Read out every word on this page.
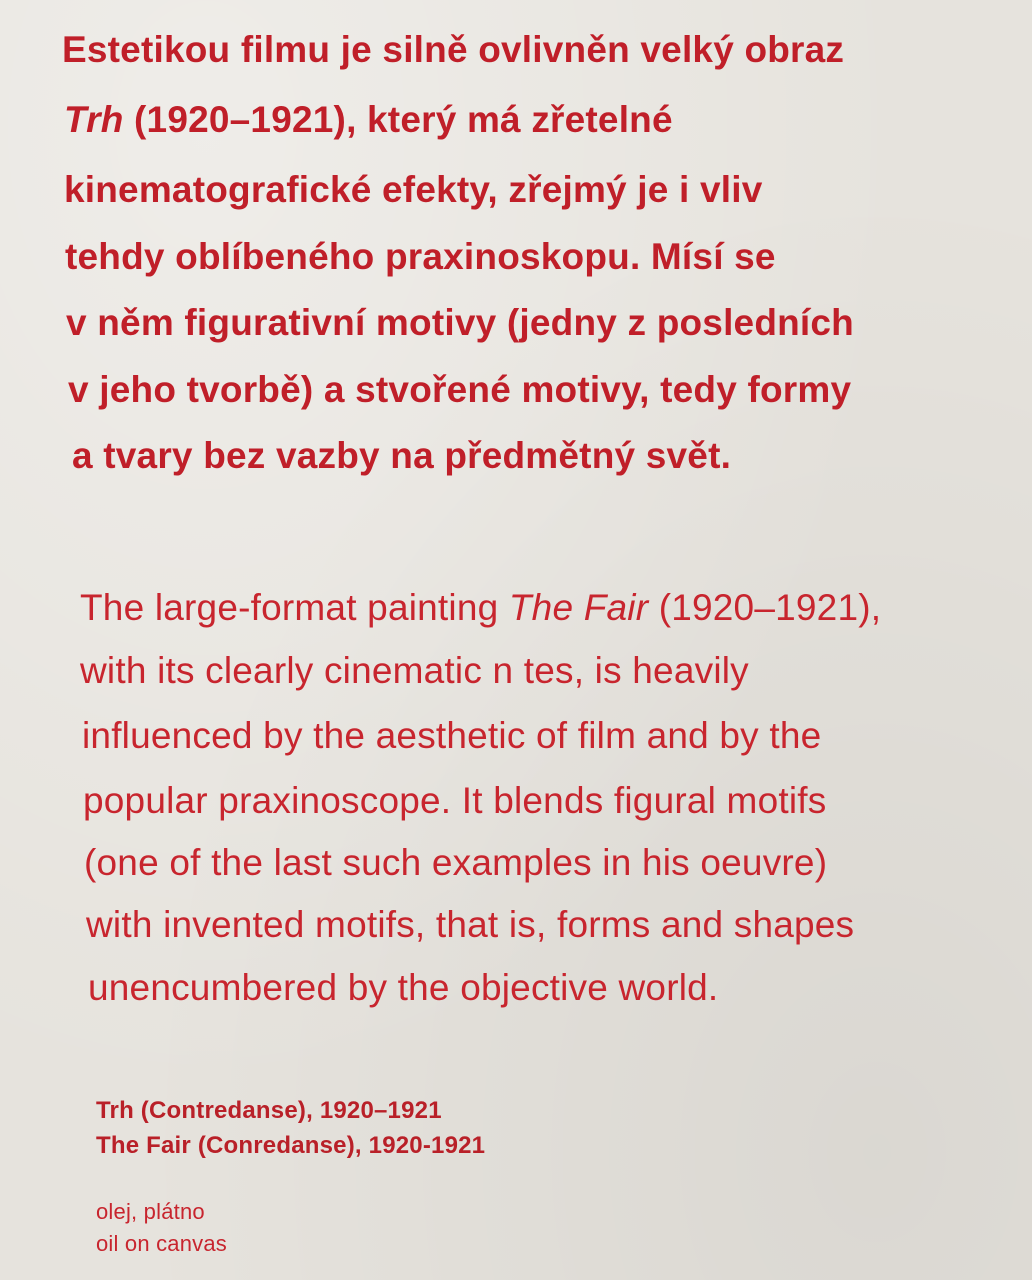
Estetikou filmu je silně ovlivněn velký obraz

Trh (1920–1921), který má zřetelné

kinematografické efekty, zřejmý je i vliv

tehdy oblíbeného praxinoskopu. Mísí se

v něm figurativní motivy (jedny z posledních

v jeho tvorbě) a stvořené motivy, tedy formy

a tvary bez vazby na předmětný svět.

The large-format painting The Fair (1920–1921),

with its clearly cinematic n tes, is heavily

influenced by the aesthetic of film and by the

popular praxinoscope. It blends figural motifs

(one of the last such examples in his oeuvre)

with invented motifs, that is, forms and shapes

unencumbered by the objective world.

Trh (Contredanse), 1920–1921

The Fair (Conredanse), 1920-1921

olej, plátno

oil on canvas
